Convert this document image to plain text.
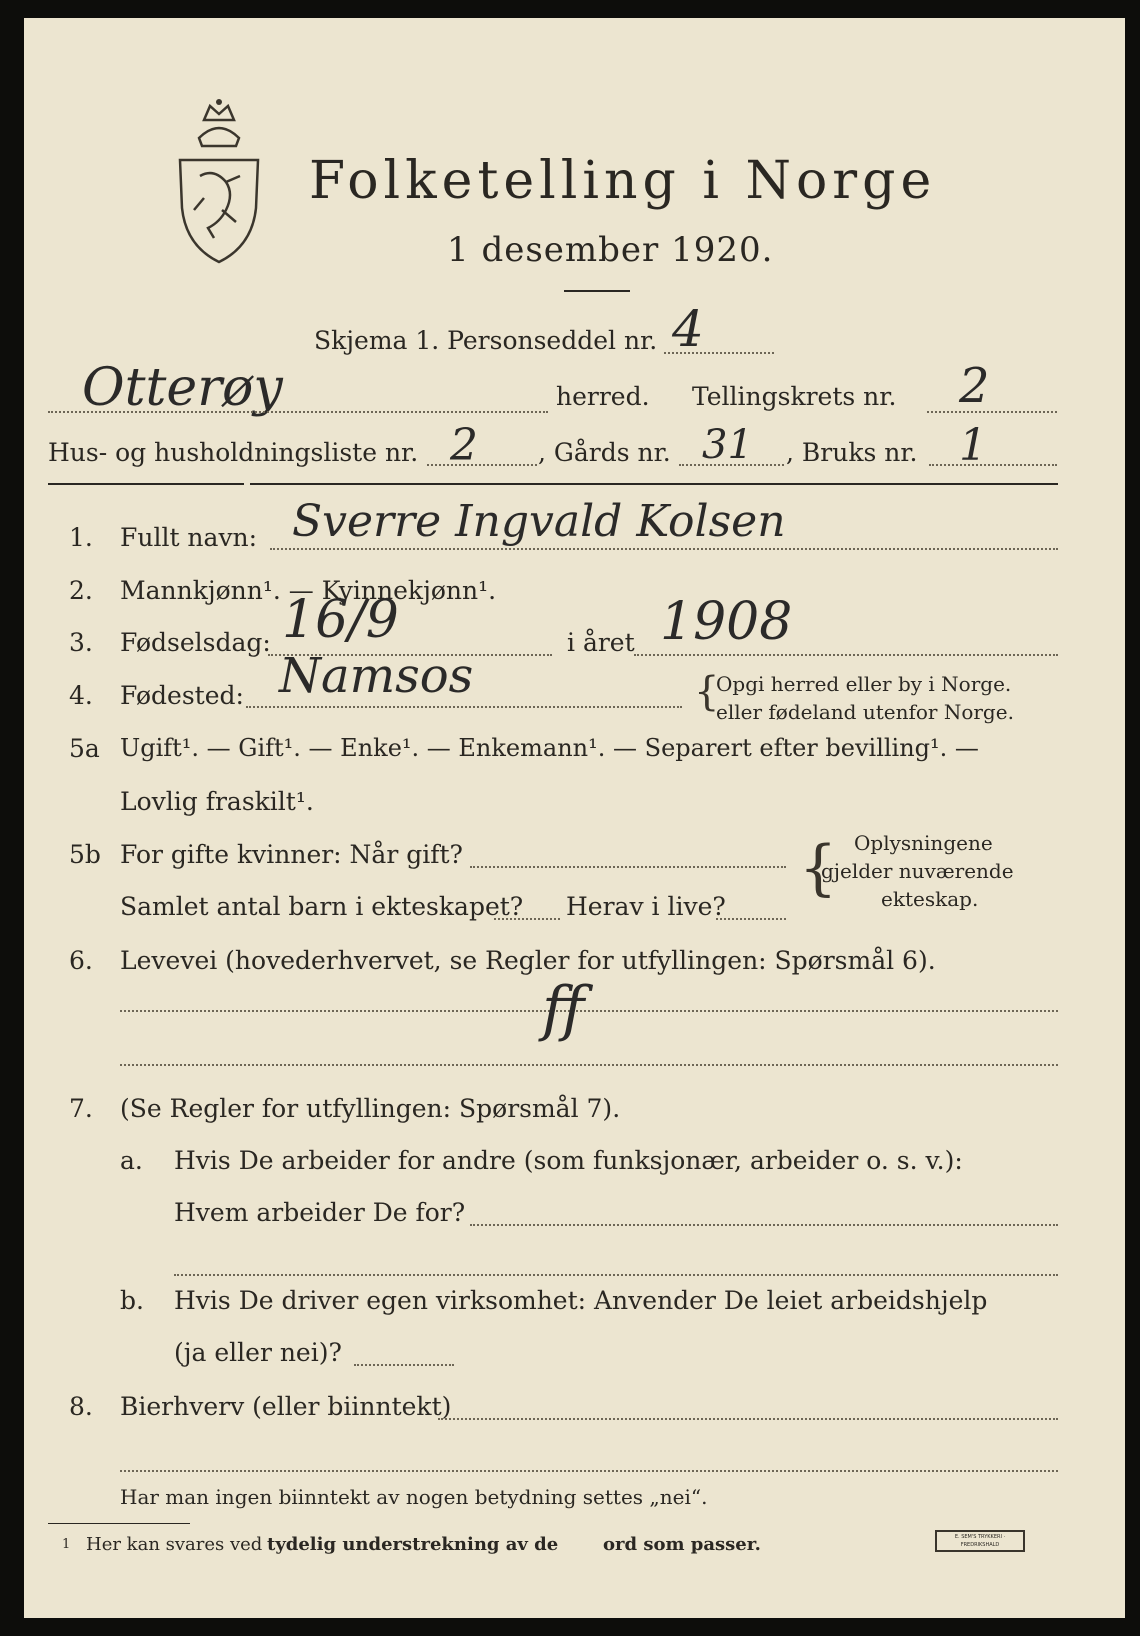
Folketelling i Norge
1 desember 1920.
Skjema 1. Personseddel nr. 4
Otterøy	herred. Tellingskrets nr. 2
Hus- og husholdningsliste nr. 2 , Gårds nr. 31 , Bruks nr. 1
1. Fullt navn: Sverre Ingvald Kolsen
2. Mannkjønn¹. — Kyinnekjønn¹.
3. Fødselsdag: 16/9	i året 1908
4. Fødested: Namsos	{
Opgi herred eller by i Norge.
eller fødeland utenfor Norge.
5a Ugift¹. — Gift¹. — Enke¹. — Enkemann¹. — Separert efter bevilling¹. —
Lovlig fraskilt¹.
5b For gifte kvinner: Når gift?
Samlet antal barn i ekteskapet? Herav i live?
{ Oplysningene
gjelder nuværende
ekteskap.
6. Levevei (hovederhvervet, se Regler for utfyllingen: Spørsmål 6).
ff
7. (Se Regler for utfyllingen: Spørsmål 7).
a. Hvis De arbeider for andre (som funksjonær, arbeider o. s. v.):
Hvem arbeider De for?
b. Hvis De driver egen virksomhet: Anvender De leiet arbeidshjelp
(ja eller nei)?
8. Bierhverv (eller biinntekt)
Har man ingen biinntekt av nogen betydning settes „nei“.
1 Her kan svares ved tydelig understrekning av de ord som passer.	E. SEM'S TRYKKERI · FREDRIKSHALD
